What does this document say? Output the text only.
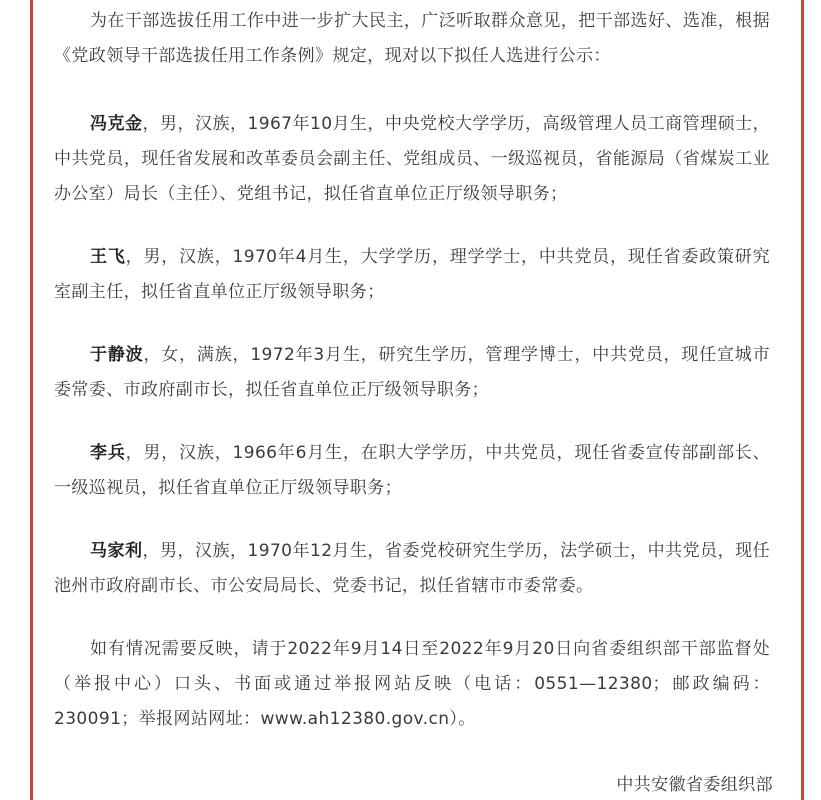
为在干部选拔任用工作中进一步扩大民主，广泛听取群众意见，把干部选好、选准，根据《党政领导干部选拔任用工作条例》规定，现对以下拟任人选进行公示：

冯克金，男，汉族，1967年10月生，中央党校大学学历，高级管理人员工商管理硕士，中共党员，现任省发展和改革委员会副主任、党组成员、一级巡视员，省能源局（省煤炭工业办公室）局长（主任）、党组书记，拟任省直单位正厅级领导职务；

王飞，男，汉族，1970年4月生，大学学历，理学学士，中共党员，现任省委政策研究室副主任，拟任省直单位正厅级领导职务；

于静波，女，满族，1972年3月生，研究生学历，管理学博士，中共党员，现任宣城市委常委、市政府副市长，拟任省直单位正厅级领导职务；

李兵，男，汉族，1966年6月生，在职大学学历，中共党员，现任省委宣传部副部长、一级巡视员，拟任省直单位正厅级领导职务；

马家利，男，汉族，1970年12月生，省委党校研究生学历，法学硕士，中共党员，现任池州市政府副市长、市公安局局长、党委书记，拟任省辖市市委常委。

如有情况需要反映，请于2022年9月14日至2022年9月20日向省委组织部干部监督处（举报中心）口头、书面或通过举报网站反映（电话：0551—12380；邮政编码：230091；举报网站网址：www.ah12380.gov.cn）。

中共安徽省委组织部
